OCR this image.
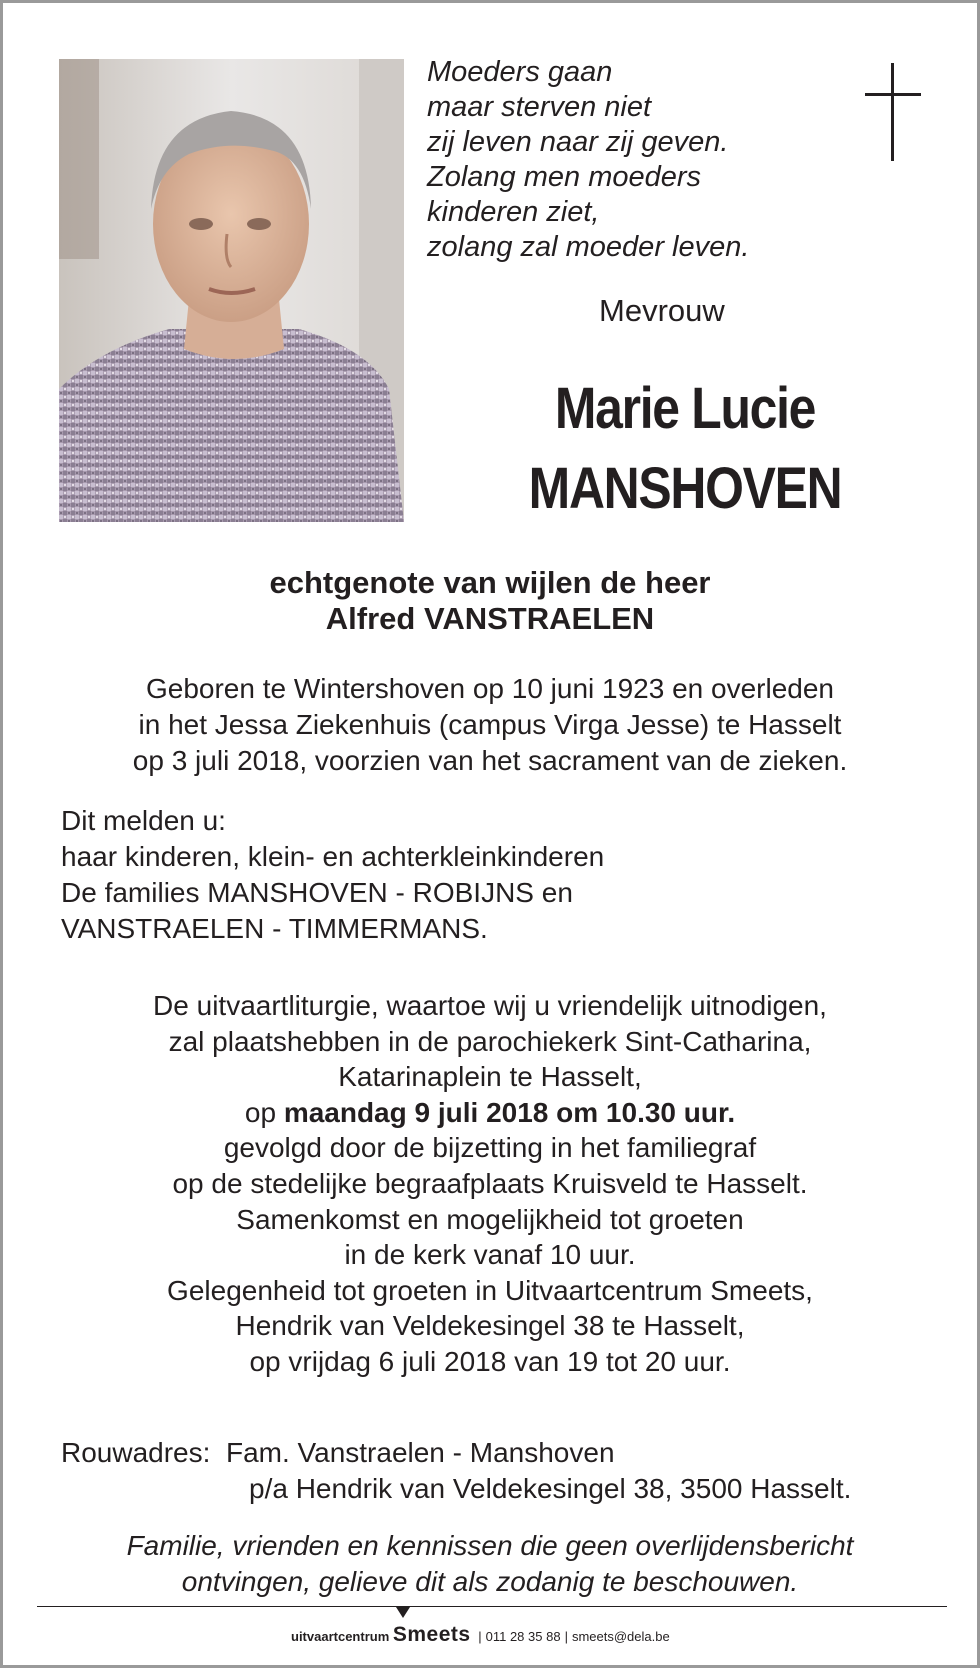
Moeders gaan
maar sterven niet
zij leven naar zij geven.
Zolang men moeders
kinderen ziet,
zolang zal moeder leven.
Mevrouw
Marie Lucie
MANSHOVEN
echtgenote van wijlen de heer
Alfred VANSTRAELEN
Geboren te Wintershoven op 10 juni 1923 en overleden
in het Jessa Ziekenhuis (campus Virga Jesse) te Hasselt
op 3 juli 2018, voorzien van het sacrament van de zieken.
Dit melden u:
haar kinderen, klein- en achterkleinkinderen
De families MANSHOVEN - ROBIJNS en
VANSTRAELEN - TIMMERMANS.
De uitvaartliturgie, waartoe wij u vriendelijk uitnodigen,
zal plaatshebben in de parochiekerk Sint-Catharina,
Katarinaplein te Hasselt,
op maandag 9 juli 2018 om 10.30 uur.
gevolgd door de bijzetting in het familiegraf
op de stedelijke begraafplaats Kruisveld te Hasselt.
Samenkomst en mogelijkheid tot groeten
in de kerk vanaf 10 uur.
Gelegenheid tot groeten in Uitvaartcentrum Smeets,
Hendrik van Veldekesingel 38 te Hasselt,
op vrijdag 6 juli 2018 van 19 tot 20 uur.
Rouwadres: Fam. Vanstraelen - Manshoven
p/a Hendrik van Veldekesingel 38, 3500 Hasselt.
Familie, vrienden en kennissen die geen overlijdensbericht
ontvingen, gelieve dit als zodanig te beschouwen.
uitvaartcentrum Smeets | 011 28 35 88 | smeets@dela.be
